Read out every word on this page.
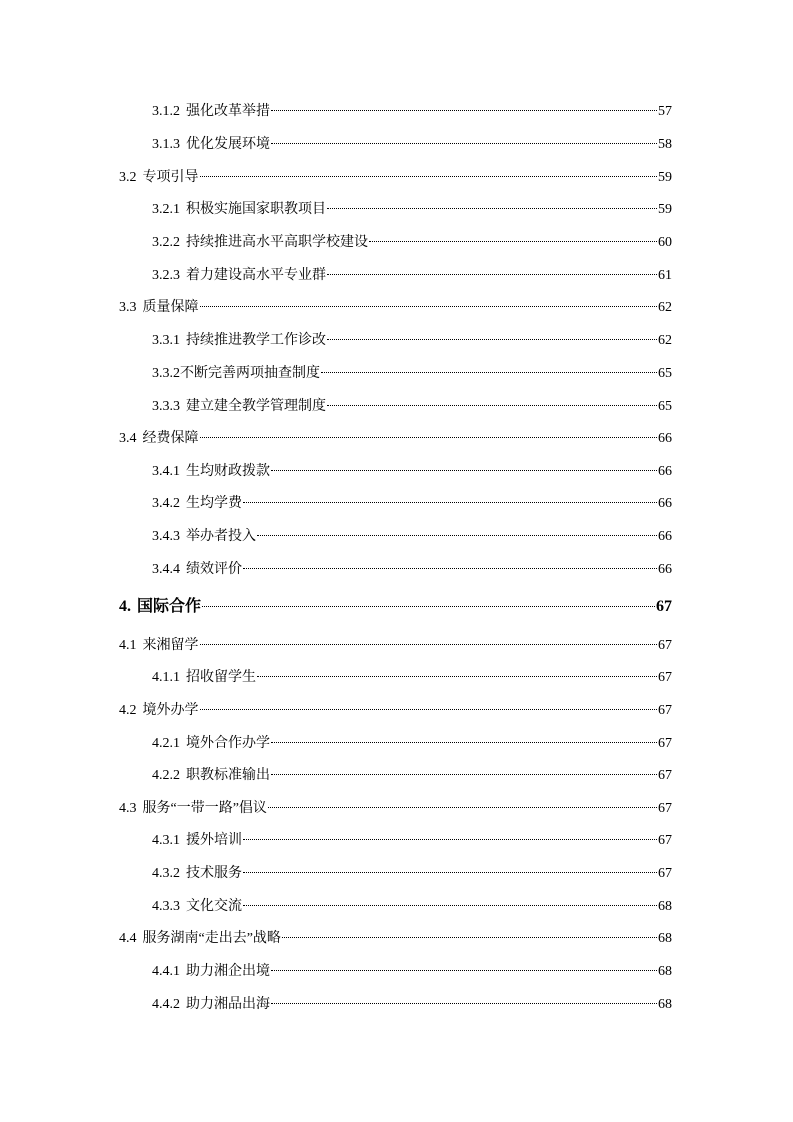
3.1.2 强化改革举措	57
3.1.3 优化发展环境	58
3.2 专项引导	59
3.2.1 积极实施国家职教项目	59
3.2.2 持续推进高水平高职学校建设	60
3.2.3 着力建设高水平专业群	61
3.3 质量保障	62
3.3.1 持续推进教学工作诊改	62
3.3.2 不断完善两项抽查制度	65
3.3.3 建立建全教学管理制度	65
3.4 经费保障	66
3.4.1 生均财政拨款	66
3.4.2 生均学费	66
3.4.3 举办者投入	66
3.4.4 绩效评价	66
4. 国际合作	67
4.1 来湘留学	67
4.1.1 招收留学生	67
4.2 境外办学	67
4.2.1 境外合作办学	67
4.2.2 职教标准输出	67
4.3 服务“一带一路”倡议	67
4.3.1 援外培训	67
4.3.2 技术服务	67
4.3.3 文化交流	68
4.4 服务湖南“走出去”战略	68
4.4.1 助力湘企出境	68
4.4.2 助力湘品出海	68
